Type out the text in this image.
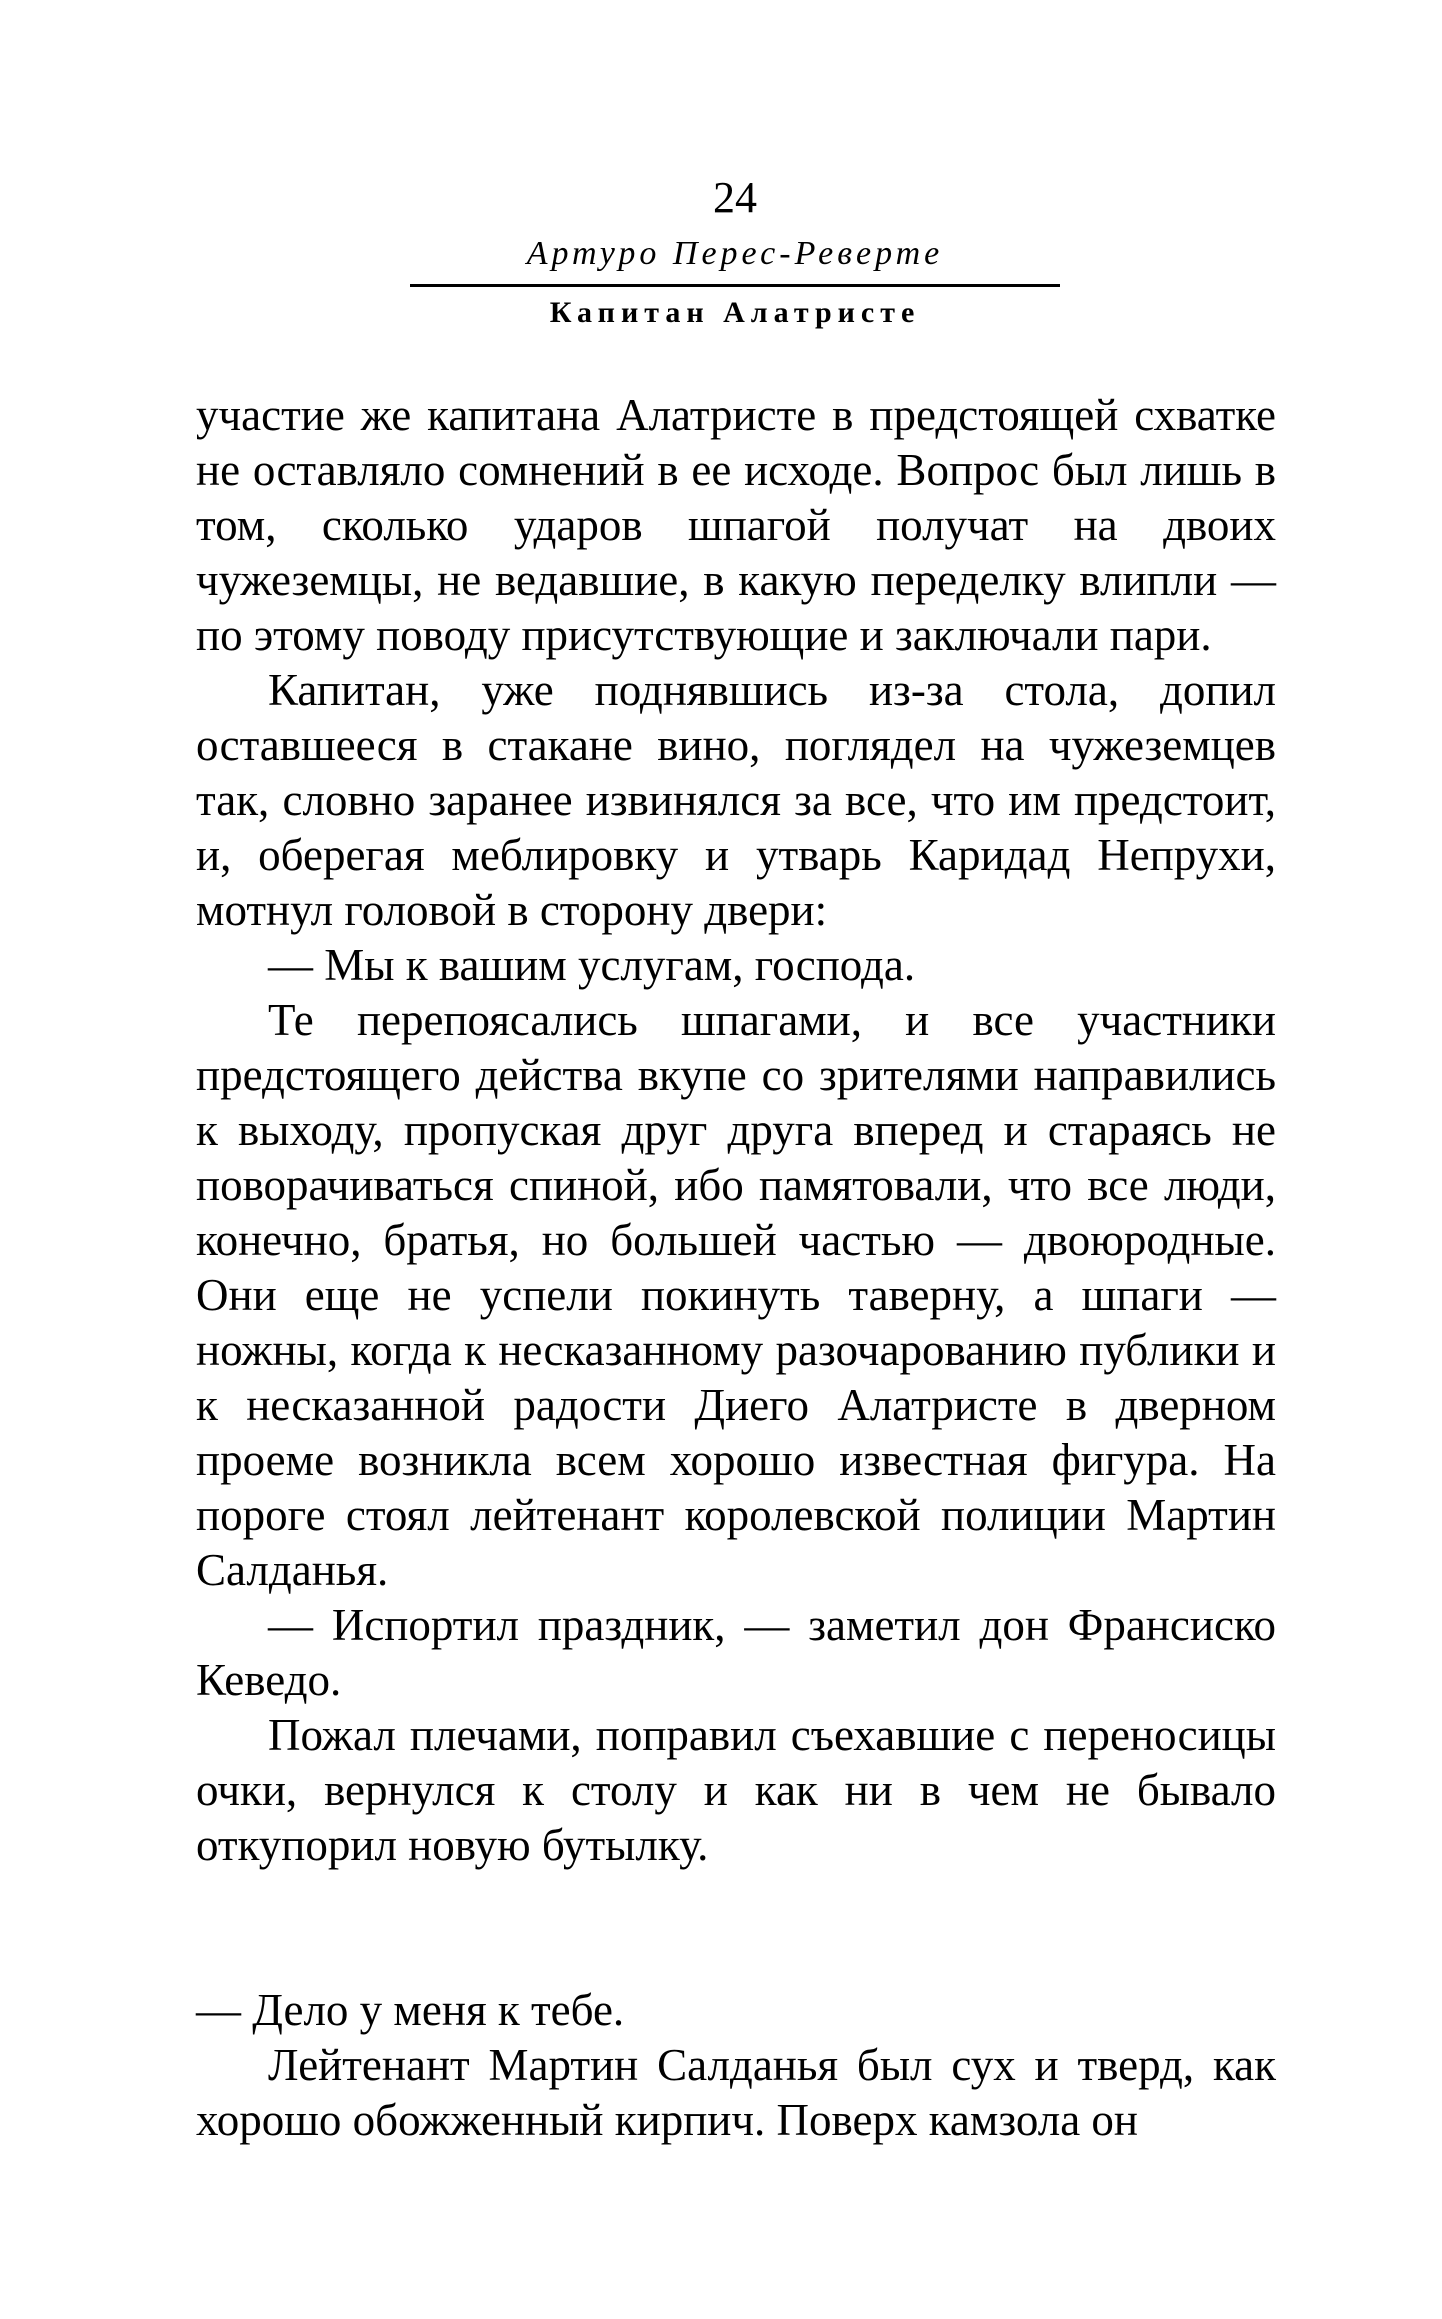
24
Артуро Перес-Реверте
Капитан Алатристе

участие же капитана Алатристе в предстоящей схватке не оставляло сомнений в ее исходе. Вопрос был лишь в том, сколько ударов шпагой получат на двоих чужеземцы, не ведавшие, в какую переделку влипли — по этому поводу присутствующие и заключали пари.

Капитан, уже поднявшись из-за стола, допил оставшееся в стакане вино, поглядел на чужеземцев так, словно заранее извинялся за все, что им предстоит, и, оберегая меблировку и утварь Каридад Непрухи, мотнул головой в сторону двери:

— Мы к вашим услугам, господа.

Те перепоясались шпагами, и все участники предстоящего действа вкупе со зрителями направились к выходу, пропуская друг друга вперед и стараясь не поворачиваться спиной, ибо памятовали, что все люди, конечно, братья, но большей частью — двоюродные. Они еще не успели покинуть таверну, а шпаги — ножны, когда к несказанному разочарованию публики и к несказанной радости Диего Алатристе в дверном проеме возникла всем хорошо известная фигура. На пороге стоял лейтенант королевской полиции Мартин Салданья.

— Испортил праздник, — заметил дон Франсиско Кеведо.

Пожал плечами, поправил съехавшие с переносицы очки, вернулся к столу и как ни в чем не бывало откупорил новую бутылку.

— Дело у меня к тебе.

Лейтенант Мартин Салданья был сух и тверд, как хорошо обожженный кирпич. Поверх камзола он
